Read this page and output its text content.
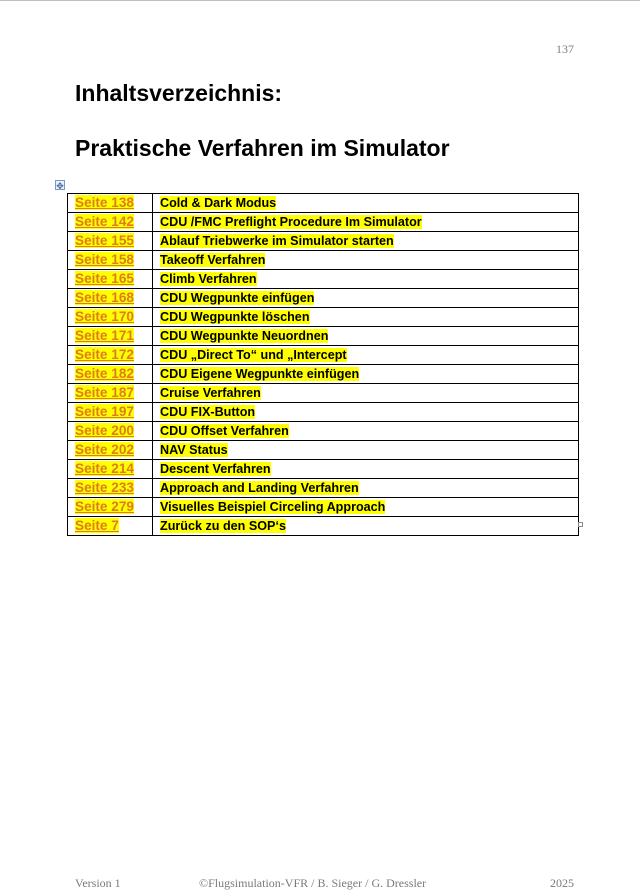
137
Inhaltsverzeichnis:
Praktische Verfahren im Simulator
✥
Seite 138	Cold & Dark Modus
Seite 142	CDU /FMC Preflight Procedure Im Simulator
Seite 155	Ablauf Triebwerke im Simulator starten
Seite 158	Takeoff Verfahren
Seite 165	Climb Verfahren
Seite 168	CDU Wegpunkte einfügen
Seite 170	CDU Wegpunkte löschen
Seite 171	CDU Wegpunkte Neuordnen
Seite 172	CDU „Direct To“ und „Intercept
Seite 182	CDU Eigene Wegpunkte einfügen
Seite 187	Cruise Verfahren
Seite 197	CDU FIX-Button
Seite 200	CDU Offset Verfahren
Seite 202	NAV Status
Seite 214	Descent Verfahren
Seite 233	Approach and Landing Verfahren
Seite 279	Visuelles Beispiel Circeling Approach
Seite 7	Zurück zu den SOP‘s
Version 1	©Flugsimulation-VFR / B. Sieger / G. Dressler	2025
